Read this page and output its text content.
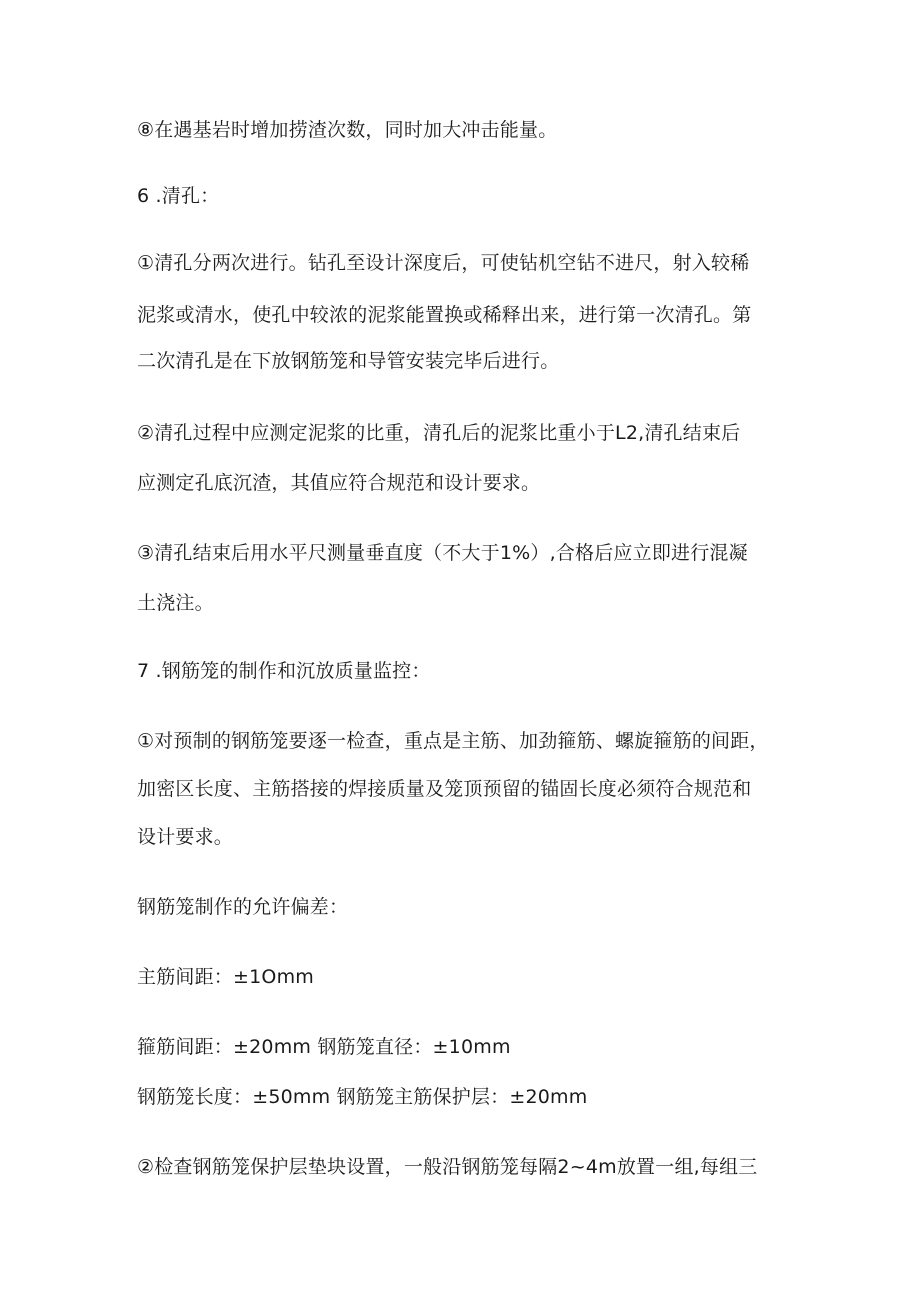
⑧在遇基岩时增加捞渣次数，同时加大冲击能量。
6 .清孔：
①清孔分两次进行。钻孔至设计深度后，可使钻机空钻不进尺，射入较稀
泥浆或清水，使孔中较浓的泥浆能置换或稀释出来，进行第一次清孔。第
二次清孔是在下放钢筋笼和导管安装完毕后进行。
②清孔过程中应测定泥浆的比重，清孔后的泥浆比重小于L2,清孔结束后
应测定孔底沉渣，其值应符合规范和设计要求。
③清孔结束后用水平尺测量垂直度（不大于1%）,合格后应立即进行混凝
土浇注。
7 .钢筋笼的制作和沉放质量监控：
①对预制的钢筋笼要逐一检查，重点是主筋、加劲箍筋、螺旋箍筋的间距，
加密区长度、主筋搭接的焊接质量及笼顶预留的锚固长度必须符合规范和
设计要求。
钢筋笼制作的允许偏差：
主筋间距：±1Omm
箍筋间距：±20mm 钢筋笼直径：±10mm
钢筋笼长度：±50mm 钢筋笼主筋保护层：±20mm
②检查钢筋笼保护层垫块设置，一般沿钢筋笼每隔2~4m放置一组,每组三
